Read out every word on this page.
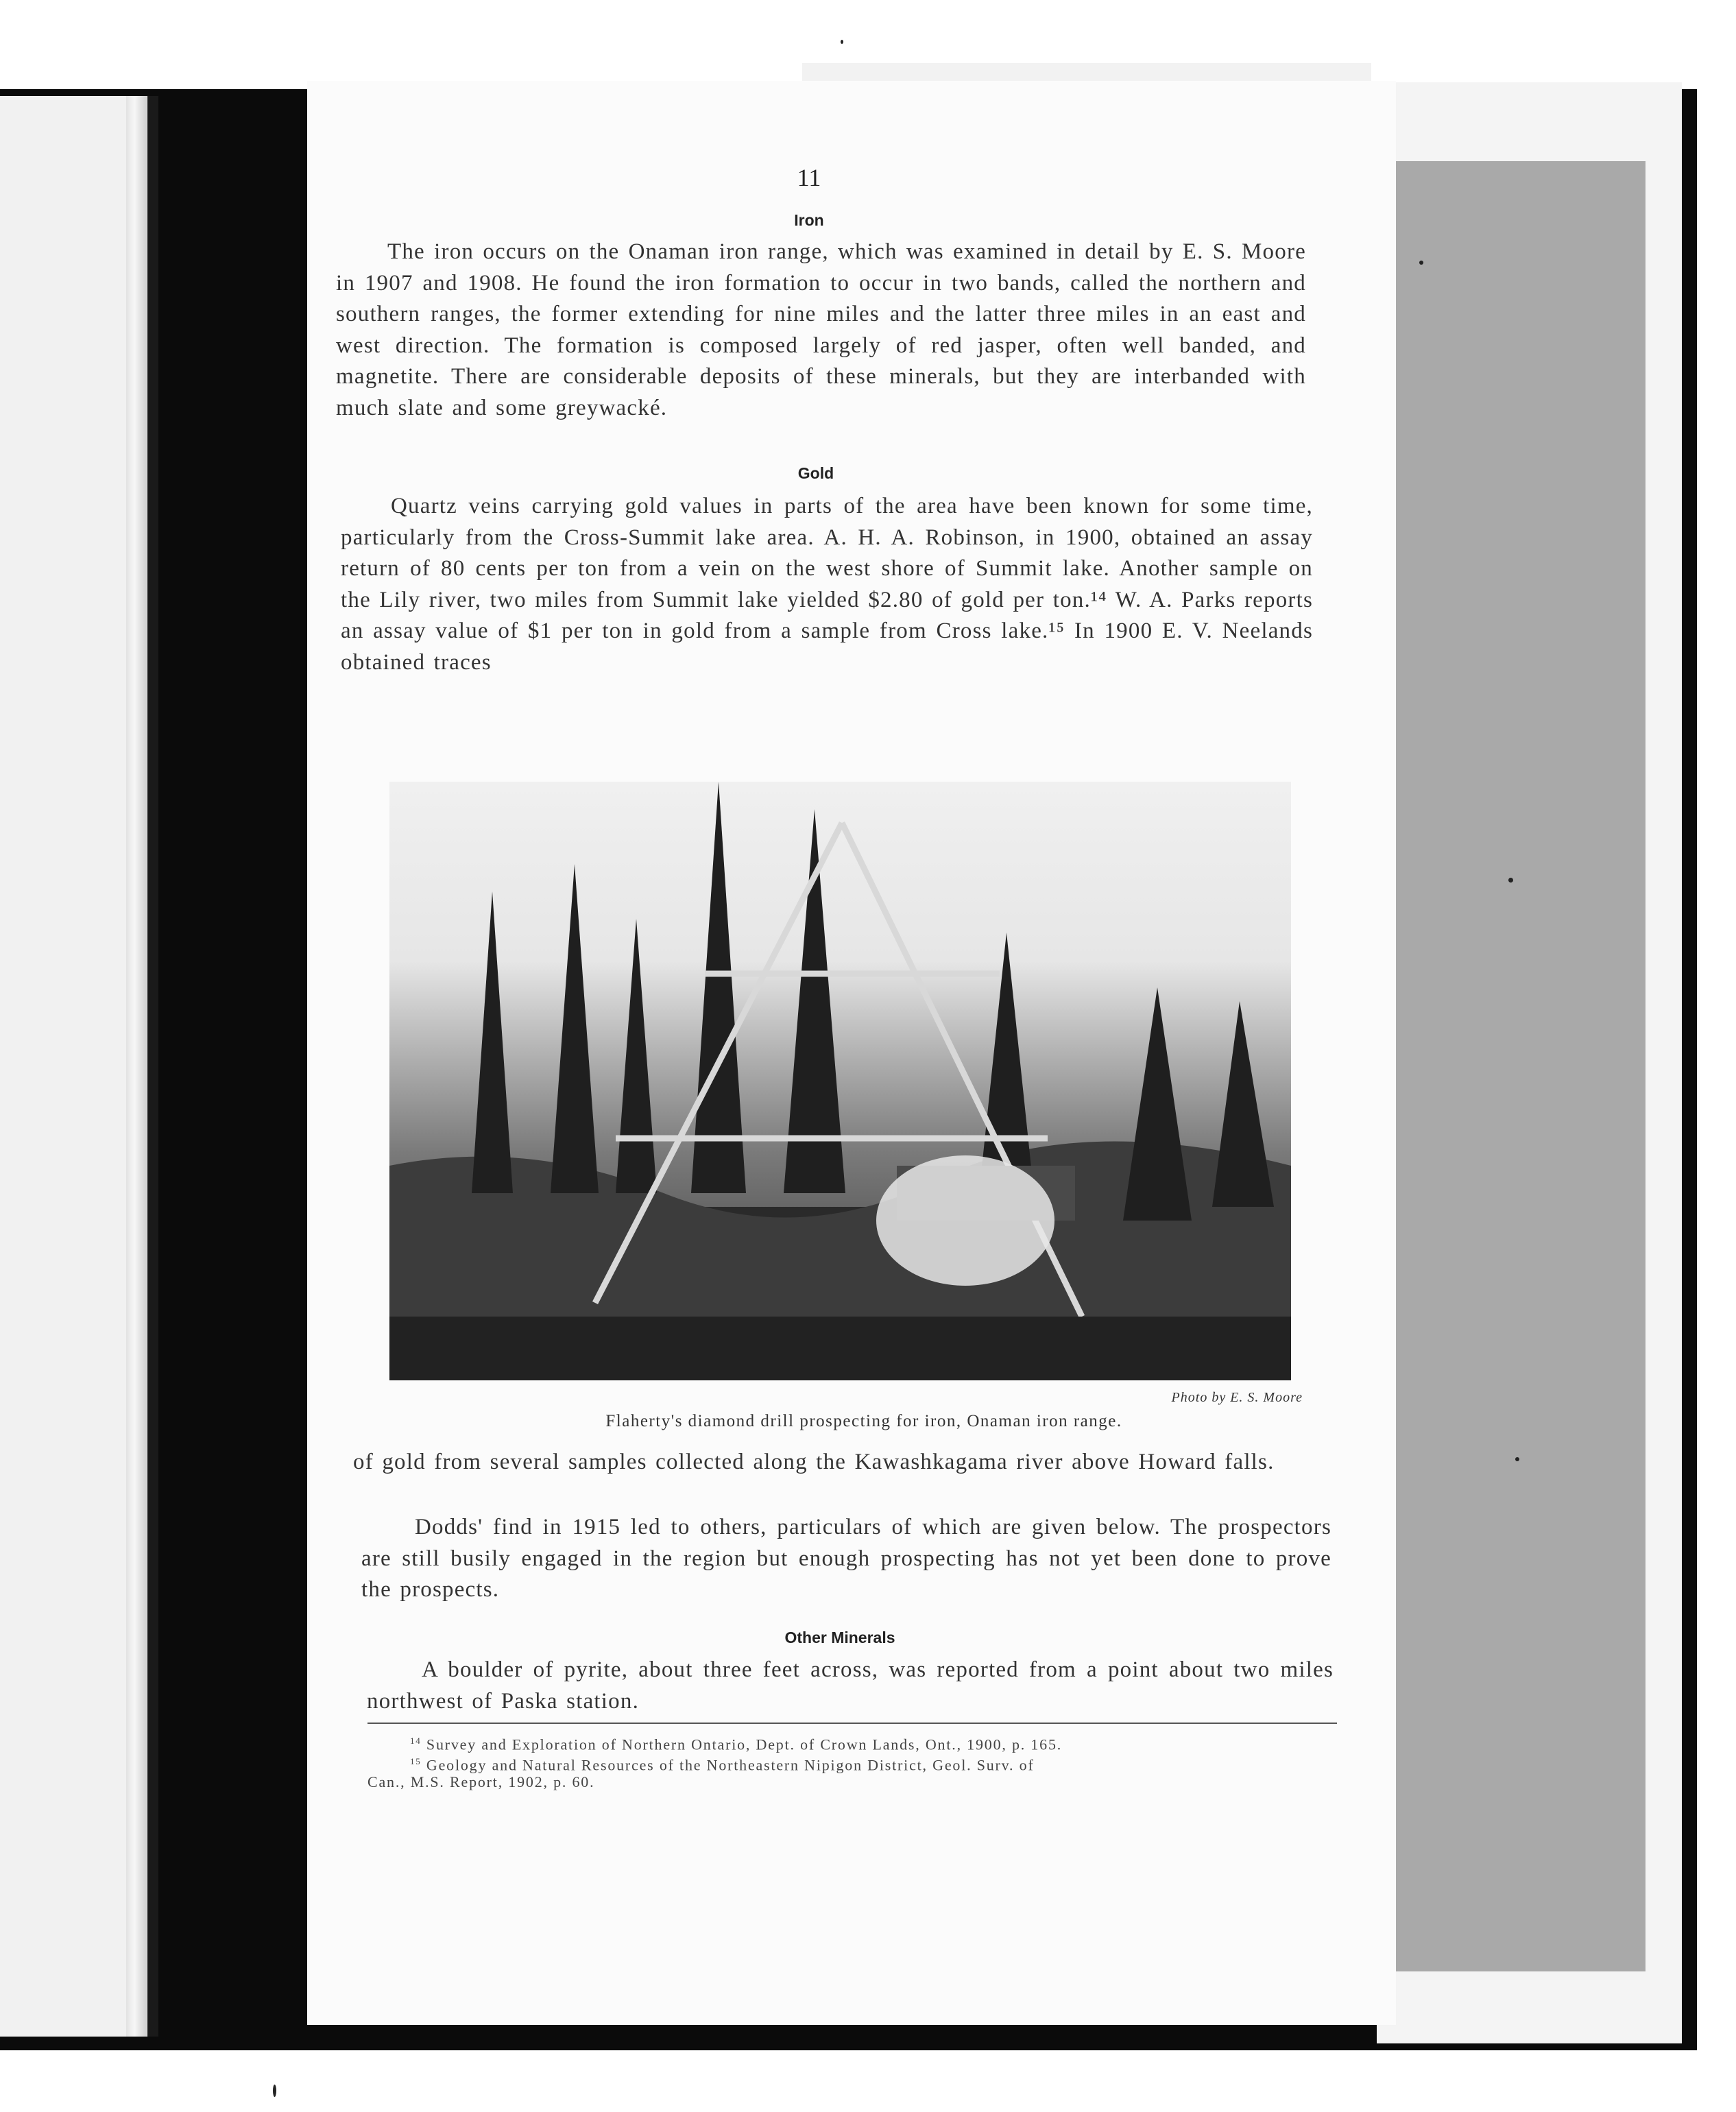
11
Iron
The iron occurs on the Onaman iron range, which was examined in detail by E. S. Moore in 1907 and 1908. He found the iron formation to occur in two bands, called the northern and southern ranges, the former extending for nine miles and the latter three miles in an east and west direction. The formation is composed largely of red jasper, often well banded, and magnetite. There are considerable deposits of these minerals, but they are interbanded with much slate and some greywacké.
Gold
Quartz veins carrying gold values in parts of the area have been known for some time, particularly from the Cross-Summit lake area. A. H. A. Robinson, in 1900, obtained an assay return of 80 cents per ton from a vein on the west shore of Summit lake. Another sample on the Lily river, two miles from Summit lake yielded $2.80 of gold per ton.¹⁴ W. A. Parks reports an assay value of $1 per ton in gold from a sample from Cross lake.¹⁵ In 1900 E. V. Neelands obtained traces
Photo by E. S. Moore
Flaherty's diamond drill prospecting for iron, Onaman iron range.
of gold from several samples collected along the Kawashkagama river above Howard falls.
Dodds' find in 1915 led to others, particulars of which are given below. The prospectors are still busily engaged in the region but enough prospecting has not yet been done to prove the prospects.
Other Minerals
A boulder of pyrite, about three feet across, was reported from a point about two miles northwest of Paska station.
$^{14}$ Survey and Exploration of Northern Ontario, Dept. of Crown Lands, Ont., 1900, p. 165.
$^{15}$ Geology and Natural Resources of the Northeastern Nipigon District, Geol. Surv. of
Can., M.S. Report, 1902, p. 60.
